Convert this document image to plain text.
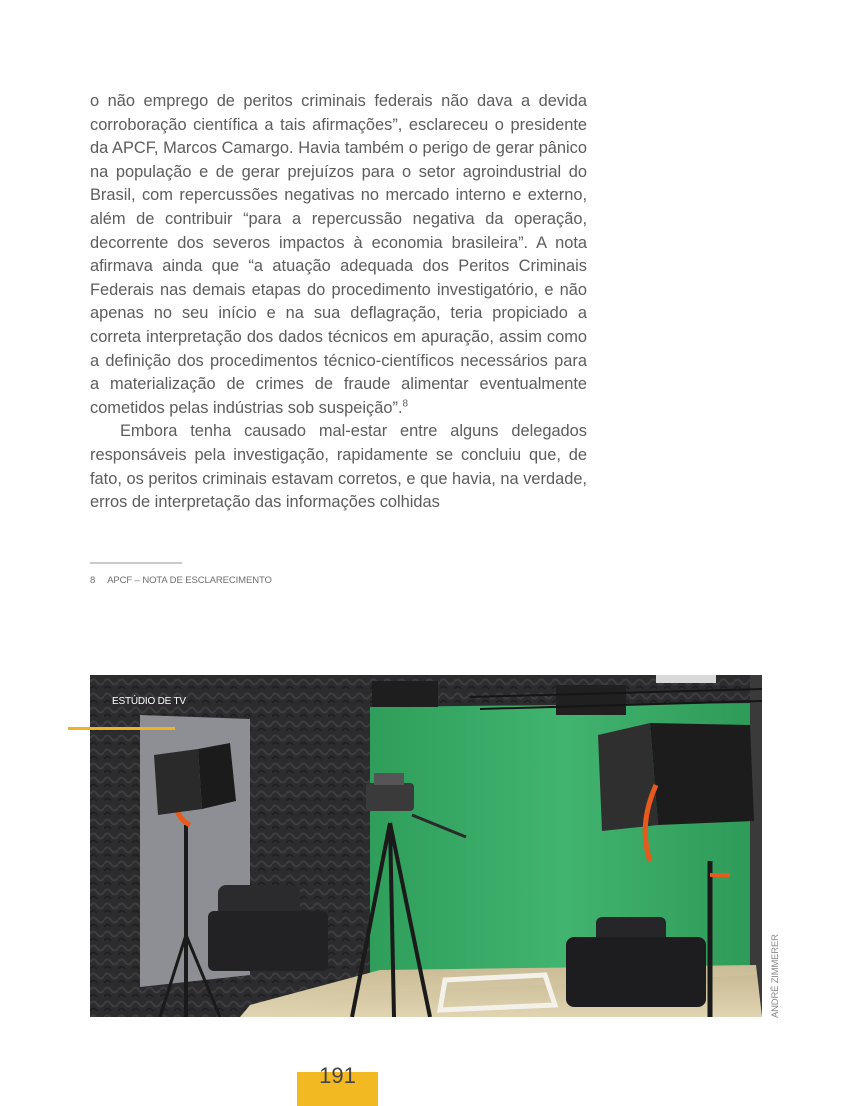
o não emprego de peritos criminais federais não dava a devida corroboração científica a tais afirmações”, esclareceu o presidente da APCF, Marcos Camargo. Havia também o perigo de gerar pânico na população e de gerar prejuízos para o setor agroindustrial do Brasil, com repercussões negativas no mercado interno e externo, além de contribuir “para a repercussão negativa da operação, decorrente dos severos impactos à economia brasileira”. A nota afirmava ainda que “a atuação adequada dos Peritos Criminais Federais nas demais etapas do procedimento investigatório, e não apenas no seu início e na sua deflagração, teria propiciado a correta interpretação dos dados técnicos em apuração, assim como a definição dos procedimentos técnico-científicos necessários para a materialização de crimes de fraude alimentar eventualmente cometidos pelas indústrias sob suspeição”.$^8$

Embora tenha causado mal-estar entre alguns delegados responsáveis pela investigação, rapidamente se concluiu que, de fato, os peritos criminais estavam corretos, e que havia, na verdade, erros de interpretação das informações colhidas

8 APCF – NOTA DE ESCLARECIMENTO
ESTÚDIO DE TV
ANDRÉ ZIMMERER
191
